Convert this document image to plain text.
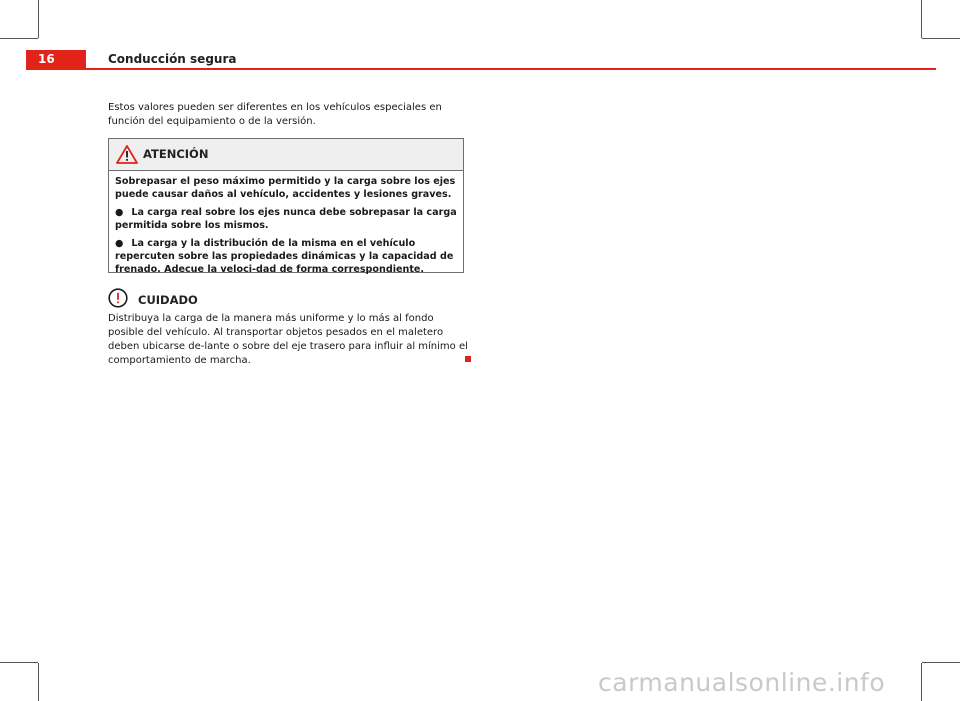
16	Conducción segura

Estos valores pueden ser diferentes en los vehículos especiales en función del equipamiento o de la versión.

ATENCIÓN

Sobrepasar el peso máximo permitido y la carga sobre los ejes puede causar daños al vehículo, accidentes y lesiones graves.

● La carga real sobre los ejes nunca debe sobrepasar la carga permitida sobre los mismos.

● La carga y la distribución de la misma en el vehículo repercuten sobre las propiedades dinámicas y la capacidad de frenado. Adecue la veloci-dad de forma correspondiente.

CUIDADO

Distribuya la carga de la manera más uniforme y lo más al fondo posible del vehículo. Al transportar objetos pesados en el maletero deben ubicarse de-lante o sobre del eje trasero para influir al mínimo el comportamiento de marcha.

carmanualsonline.info
